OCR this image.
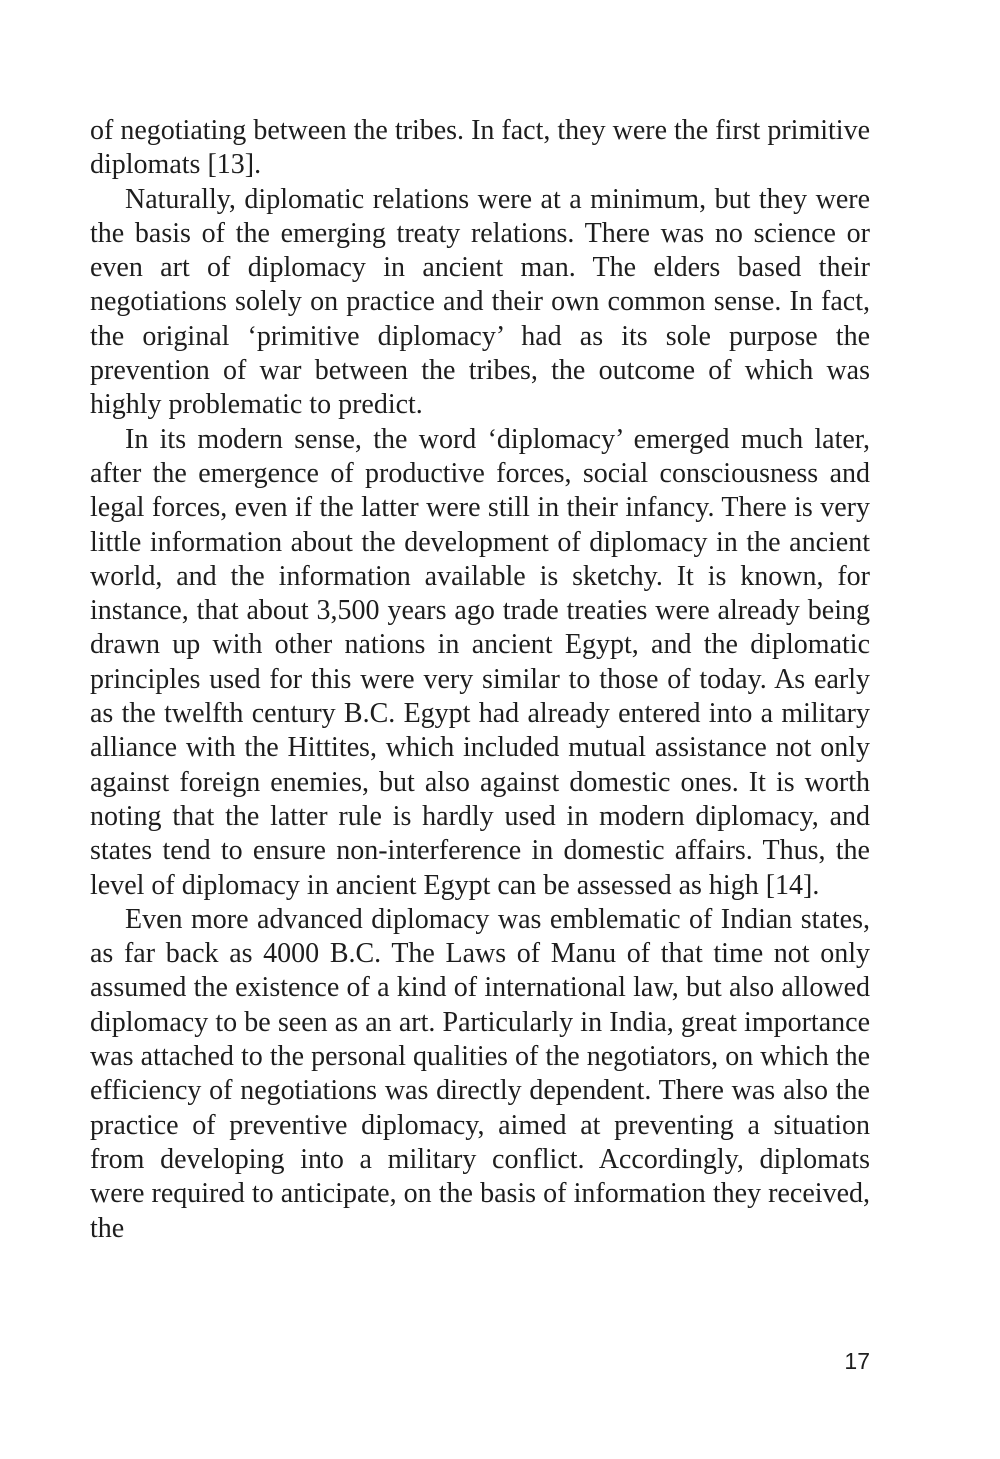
of negotiating between the tribes. In fact, they were the first primitive diplomats [13].

Naturally, diplomatic relations were at a minimum, but they were the basis of the emerging treaty relations. There was no science or even art of diplomacy in ancient man. The elders based their negotiations solely on practice and their own common sense. In fact, the original ‘primitive diplomacy’ had as its sole purpose the prevention of war between the tribes, the outcome of which was highly problematic to predict.

In its modern sense, the word ‘diplomacy’ emerged much later, after the emergence of productive forces, social consciousness and legal forces, even if the latter were still in their infancy. There is very little information about the development of diplomacy in the ancient world, and the information available is sketchy. It is known, for instance, that about 3,500 years ago trade treaties were already being drawn up with other nations in ancient Egypt, and the diplomatic principles used for this were very similar to those of today. As early as the twelfth century B.C. Egypt had already entered into a military alliance with the Hittites, which included mutual assistance not only against foreign enemies, but also against domestic ones. It is worth noting that the latter rule is hardly used in modern diplomacy, and states tend to ensure non-interference in domestic affairs. Thus, the level of diplomacy in ancient Egypt can be assessed as high [14].

Even more advanced diplomacy was emblematic of Indian states, as far back as 4000 B.C. The Laws of Manu of that time not only assumed the existence of a kind of international law, but also allowed diplomacy to be seen as an art. Particularly in India, great importance was attached to the personal qualities of the negotiators, on which the efficiency of negotiations was directly dependent. There was also the practice of preventive diplomacy, aimed at preventing a situation from developing into a military conflict. Accordingly, diplomats were required to anticipate, on the basis of information they received, the

17
